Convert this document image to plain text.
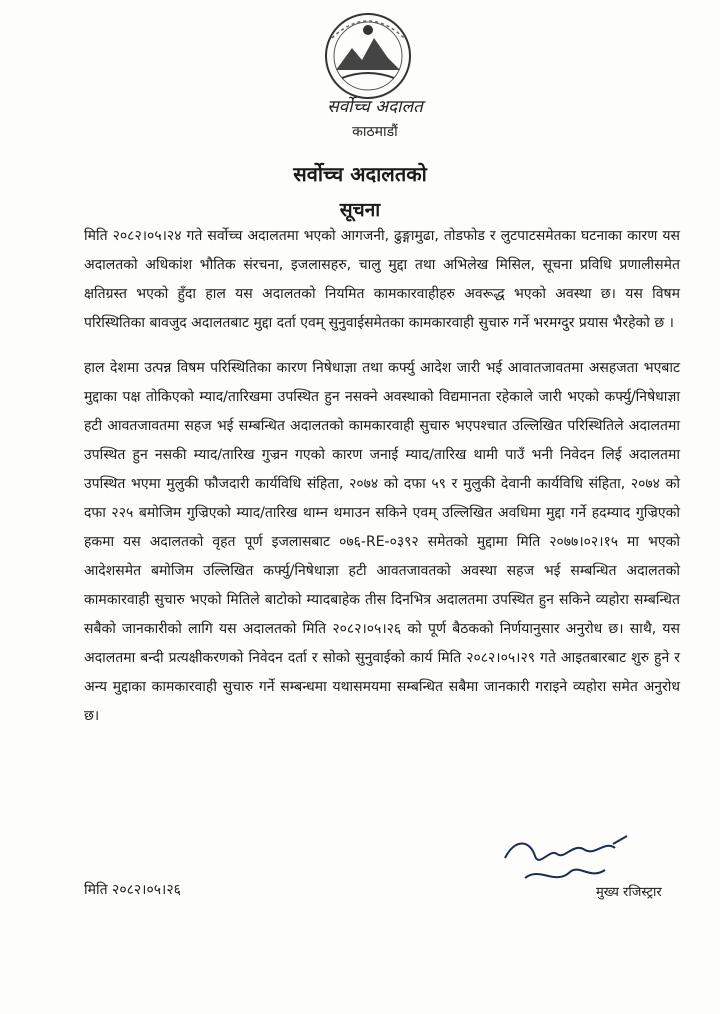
सर्वोच्च अदालत
काठमाडौं
सर्वोच्च अदालतको
सूचना

मिति २०८२।०५।२४ गते सर्वोच्च अदालतमा भएको आगजनी, ढुङ्गामुढा, तोडफोड र लुटपाटसमेतका घटनाका कारण यस अदालतको अधिकांश भौतिक संरचना, इजलासहरु, चालु मुद्दा तथा अभिलेख मिसिल, सूचना प्रविधि प्रणालीसमेत क्षतिग्रस्त भएको हुँदा हाल यस अदालतको नियमित कामकारवाहीहरु अवरूद्ध भएको अवस्था छ। यस विषम परिस्थितिका बावजुद अदालतबाट मुद्दा दर्ता एवम् सुनुवाईसमेतका कामकारवाही सुचारु गर्ने भरमग्दुर प्रयास भैरहेको छ ।

हाल देशमा उत्पन्न विषम परिस्थितिका कारण निषेधाज्ञा तथा कर्फ्यु आदेश जारी भई आवातजावतमा असहजता भएबाट मुद्दाका पक्ष तोकिएको म्याद/तारिखमा उपस्थित हुन नसक्ने अवस्थाको विद्यमानता रहेकाले जारी भएको कर्फ्यु/निषेधाज्ञा हटी आवतजावतमा सहज भई सम्बन्धित अदालतको कामकारवाही सुचारु भएपश्चात उल्लिखित परिस्थितिले अदालतमा उपस्थित हुन नसकी म्याद/तारिख गुज्रन गएको कारण जनाई म्याद/तारिख थामी पाउँ भनी निवेदन लिई अदालतमा उपस्थित भएमा मुलुकी फौजदारी कार्यविधि संहिता, २०७४ को दफा ५९ र मुलुकी देवानी कार्यविधि संहिता, २०७४ को दफा २२५ बमोजिम गुज्रिएको म्याद/तारिख थाम्न थमाउन सकिने एवम् उल्लिखित अवधिमा मुद्दा गर्ने हदम्याद गुज्रिएको हकमा यस अदालतको वृहत पूर्ण इजलासबाट ०७६-RE-०३९२ समेतको मुद्दामा मिति २०७७।०२।१५ मा भएको आदेशसमेत बमोजिम उल्लिखित कर्फ्यु/निषेधाज्ञा हटी आवतजावतको अवस्था सहज भई सम्बन्धित अदालतको कामकारवाही सुचारु भएको मितिले बाटोको म्यादबाहेक तीस दिनभित्र अदालतमा उपस्थित हुन सकिने व्यहोरा सम्बन्धित सबैको जानकारीको लागि यस अदालतको मिति २०८२।०५।२६ को पूर्ण बैठकको निर्णयानुसार अनुरोध छ। साथै, यस अदालतमा बन्दी प्रत्यक्षीकरणको निवेदन दर्ता र सोको सुनुवाईको कार्य मिति २०८२।०५।२९ गते आइतबारबाट शुरु हुने र अन्य मुद्दाका कामकारवाही सुचारु गर्ने सम्बन्धमा यथासमयमा सम्बन्धित सबैमा जानकारी गराइने व्यहोरा समेत अनुरोध छ।

मिति २०८२।०५।२६	मुख्य रजिस्ट्रार
